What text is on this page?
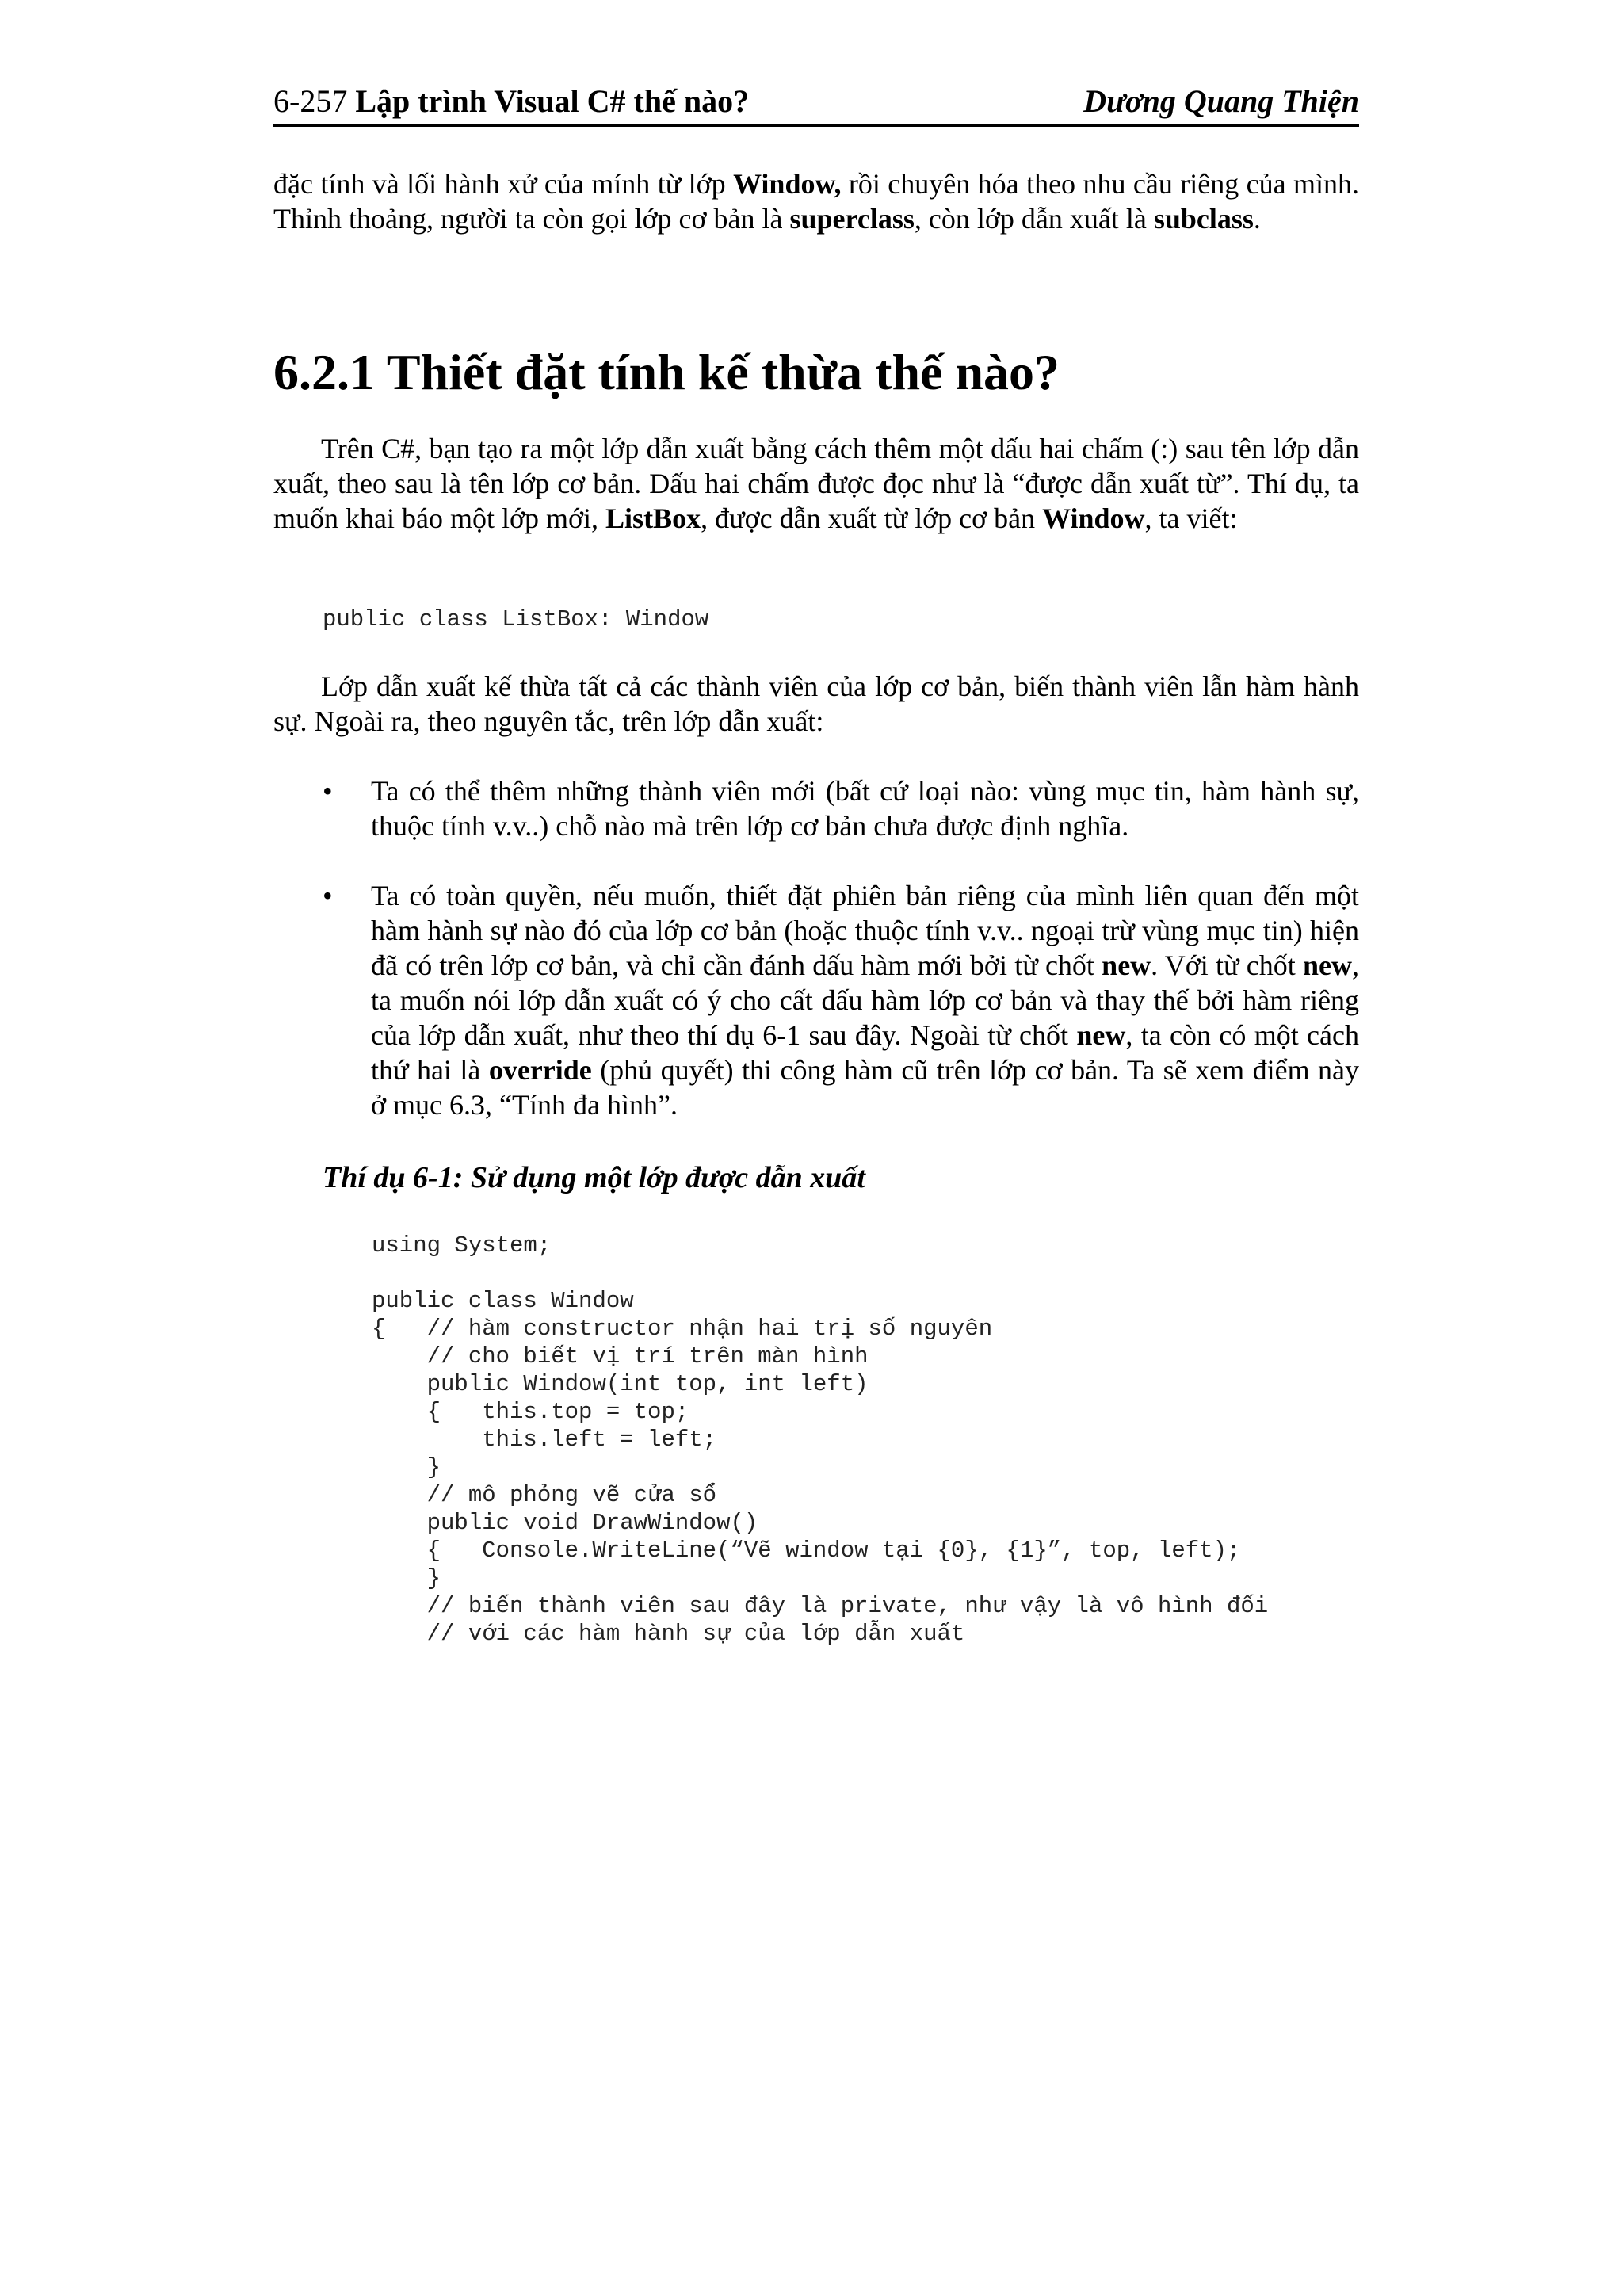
6-257 Lập trình Visual C# thế nào?	Dương Quang Thiện
đặc tính và lối hành xử của mính từ lớp Window, rồi chuyên hóa theo nhu cầu riêng của mình. Thỉnh thoảng, người ta còn gọi lớp cơ bản là superclass, còn lớp dẫn xuất là subclass.
6.2.1 Thiết đặt tính kế thừa thế nào?
Trên C#, bạn tạo ra một lớp dẫn xuất bằng cách thêm một dấu hai chấm (:) sau tên lớp dẫn xuất, theo sau là tên lớp cơ bản. Dấu hai chấm được đọc như là “được dẫn xuất từ”. Thí dụ, ta muốn khai báo một lớp mới, ListBox, được dẫn xuất từ lớp cơ bản Window, ta viết:
public class ListBox: Window
Lớp dẫn xuất kế thừa tất cả các thành viên của lớp cơ bản, biến thành viên lẫn hàm hành sự. Ngoài ra, theo nguyên tắc, trên lớp dẫn xuất:
• Ta có thể thêm những thành viên mới (bất cứ loại nào: vùng mục tin, hàm hành sự, thuộc tính v.v..) chỗ nào mà trên lớp cơ bản chưa được định nghĩa.
• Ta có toàn quyền, nếu muốn, thiết đặt phiên bản riêng của mình liên quan đến một hàm hành sự nào đó của lớp cơ bản (hoặc thuộc tính v.v.. ngoại trừ vùng mục tin) hiện đã có trên lớp cơ bản, và chỉ cần đánh dấu hàm mới bởi từ chốt new. Với từ chốt new, ta muốn nói lớp dẫn xuất có ý cho cất dấu hàm lớp cơ bản và thay thế bởi hàm riêng của lớp dẫn xuất, như theo thí dụ 6-1 sau đây. Ngoài từ chốt new, ta còn có một cách thứ hai là override (phủ quyết) thi công hàm cũ trên lớp cơ bản. Ta sẽ xem điểm này ở mục 6.3, “Tính đa hình”.
Thí dụ 6-1: Sử dụng một lớp được dẫn xuất
using System;

public class Window
{   // hàm constructor nhận hai trị số nguyên
// cho biết vị trí trên màn hình
public Window(int top, int left)
{   this.top = top;
this.left = left;
}
// mô phỏng vẽ cửa sổ
public void DrawWindow()
{   Console.WriteLine(“Vẽ window tại {0}, {1}”, top, left);
}
// biến thành viên sau đây là private, như vậy là vô hình đối
// với các hàm hành sự của lớp dẫn xuất
